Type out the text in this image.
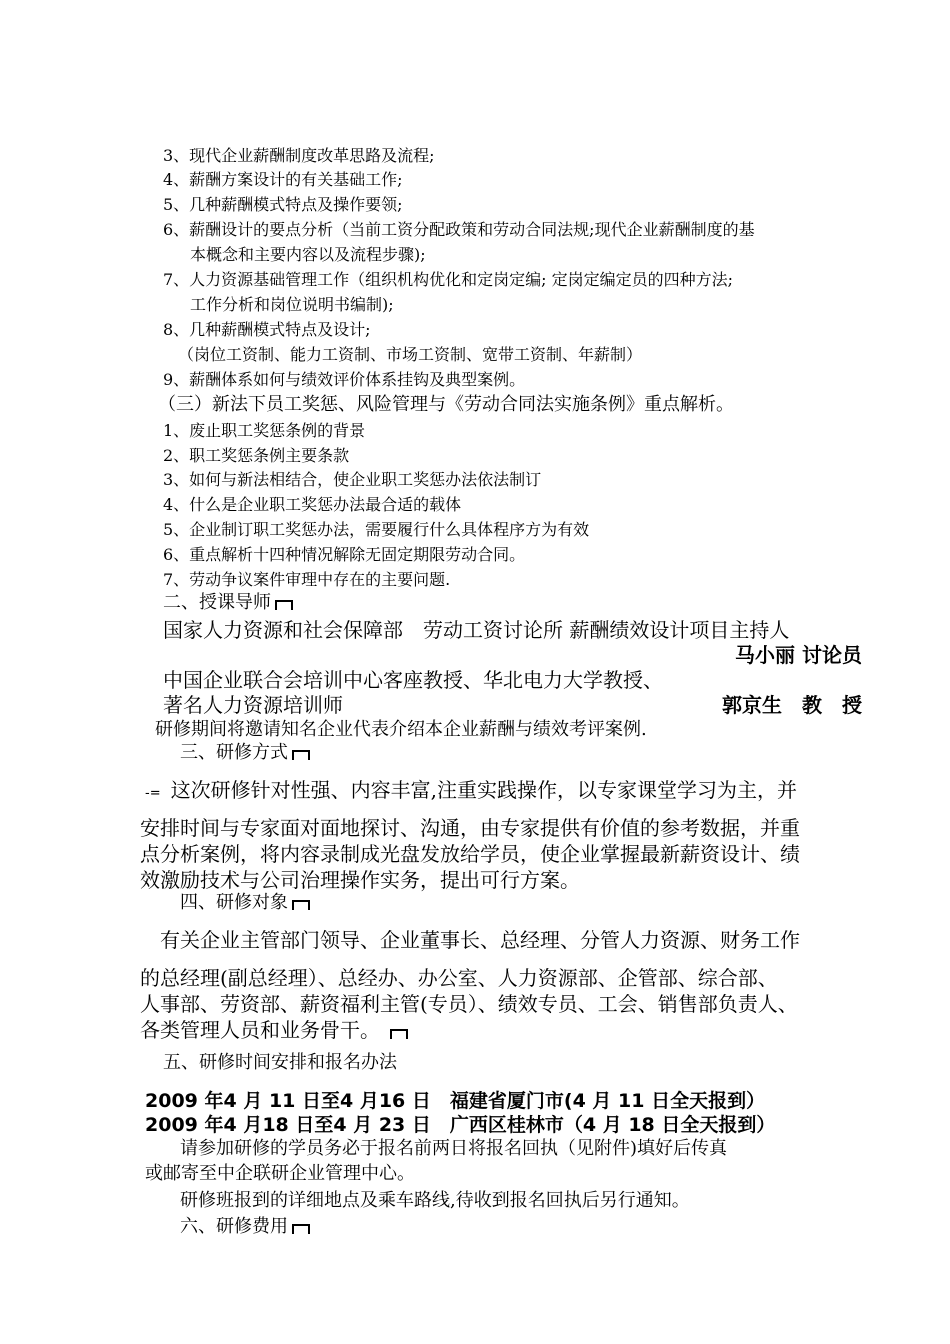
3、现代企业薪酬制度改革思路及流程;
4、薪酬方案设计的有关基础工作;
5、几种薪酬模式特点及操作要领;
6、薪酬设计的要点分析（当前工资分配政策和劳动合同法规;现代企业薪酬制度的基
本概念和主要内容以及流程步骤);
7、人力资源基础管理工作（组织机构优化和定岗定编; 定岗定编定员的四种方法;
工作分析和岗位说明书编制);
8、几种薪酬模式特点及设计;
（岗位工资制、能力工资制、市场工资制、宽带工资制、年薪制）
9、薪酬体系如何与绩效评价体系挂钩及典型案例。
（三）新法下员工奖惩、风险管理与《劳动合同法实施条例》重点解析。
1、废止职工奖惩条例的背景
2、职工奖惩条例主要条款
3、如何与新法相结合，使企业职工奖惩办法依法制订
4、什么是企业职工奖惩办法最合适的载体
5、企业制订职工奖惩办法，需要履行什么具体程序方为有效
6、重点解析十四种情况解除无固定期限劳动合同。
7、劳动争议案件审理中存在的主要问题.
二、授课导师
国家人力资源和社会保障部　劳动工资讨论所 薪酬绩效设计项目主持人
马小丽 讨论员
中国企业联合会培训中心客座教授、华北电力大学教授、
著名人力资源培训师	郭京生　教　授
研修期间将邀请知名企业代表介绍本企业薪酬与绩效考评案例.
三、研修方式
-= 这次研修针对性强、内容丰富,注重实践操作，以专家课堂学习为主，并
安排时间与专家面对面地探讨、沟通，由专家提供有价值的参考数据，并重
点分析案例，将内容录制成光盘发放给学员，使企业掌握最新薪资设计、绩
效激励技术与公司治理操作实务，提出可行方案。
四、研修对象
有关企业主管部门领导、企业董事长、总经理、分管人力资源、财务工作
的总经理(副总经理）、总经办、办公室、人力资源部、企管部、综合部、
人事部、劳资部、薪资福利主管(专员）、绩效专员、工会、销售部负责人、
各类管理人员和业务骨干。
五、研修时间安排和报名办法
2009 年4 月 11 日至4 月16 日　福建省厦门市(4 月 11 日全天报到）
2009 年4 月18 日至4 月 23 日　广西区桂林市（4 月 18 日全天报到）
请参加研修的学员务必于报名前两日将报名回执（见附件)填好后传真
或邮寄至中企联研企业管理中心。
研修班报到的详细地点及乘车路线,待收到报名回执后另行通知。
六、研修费用
